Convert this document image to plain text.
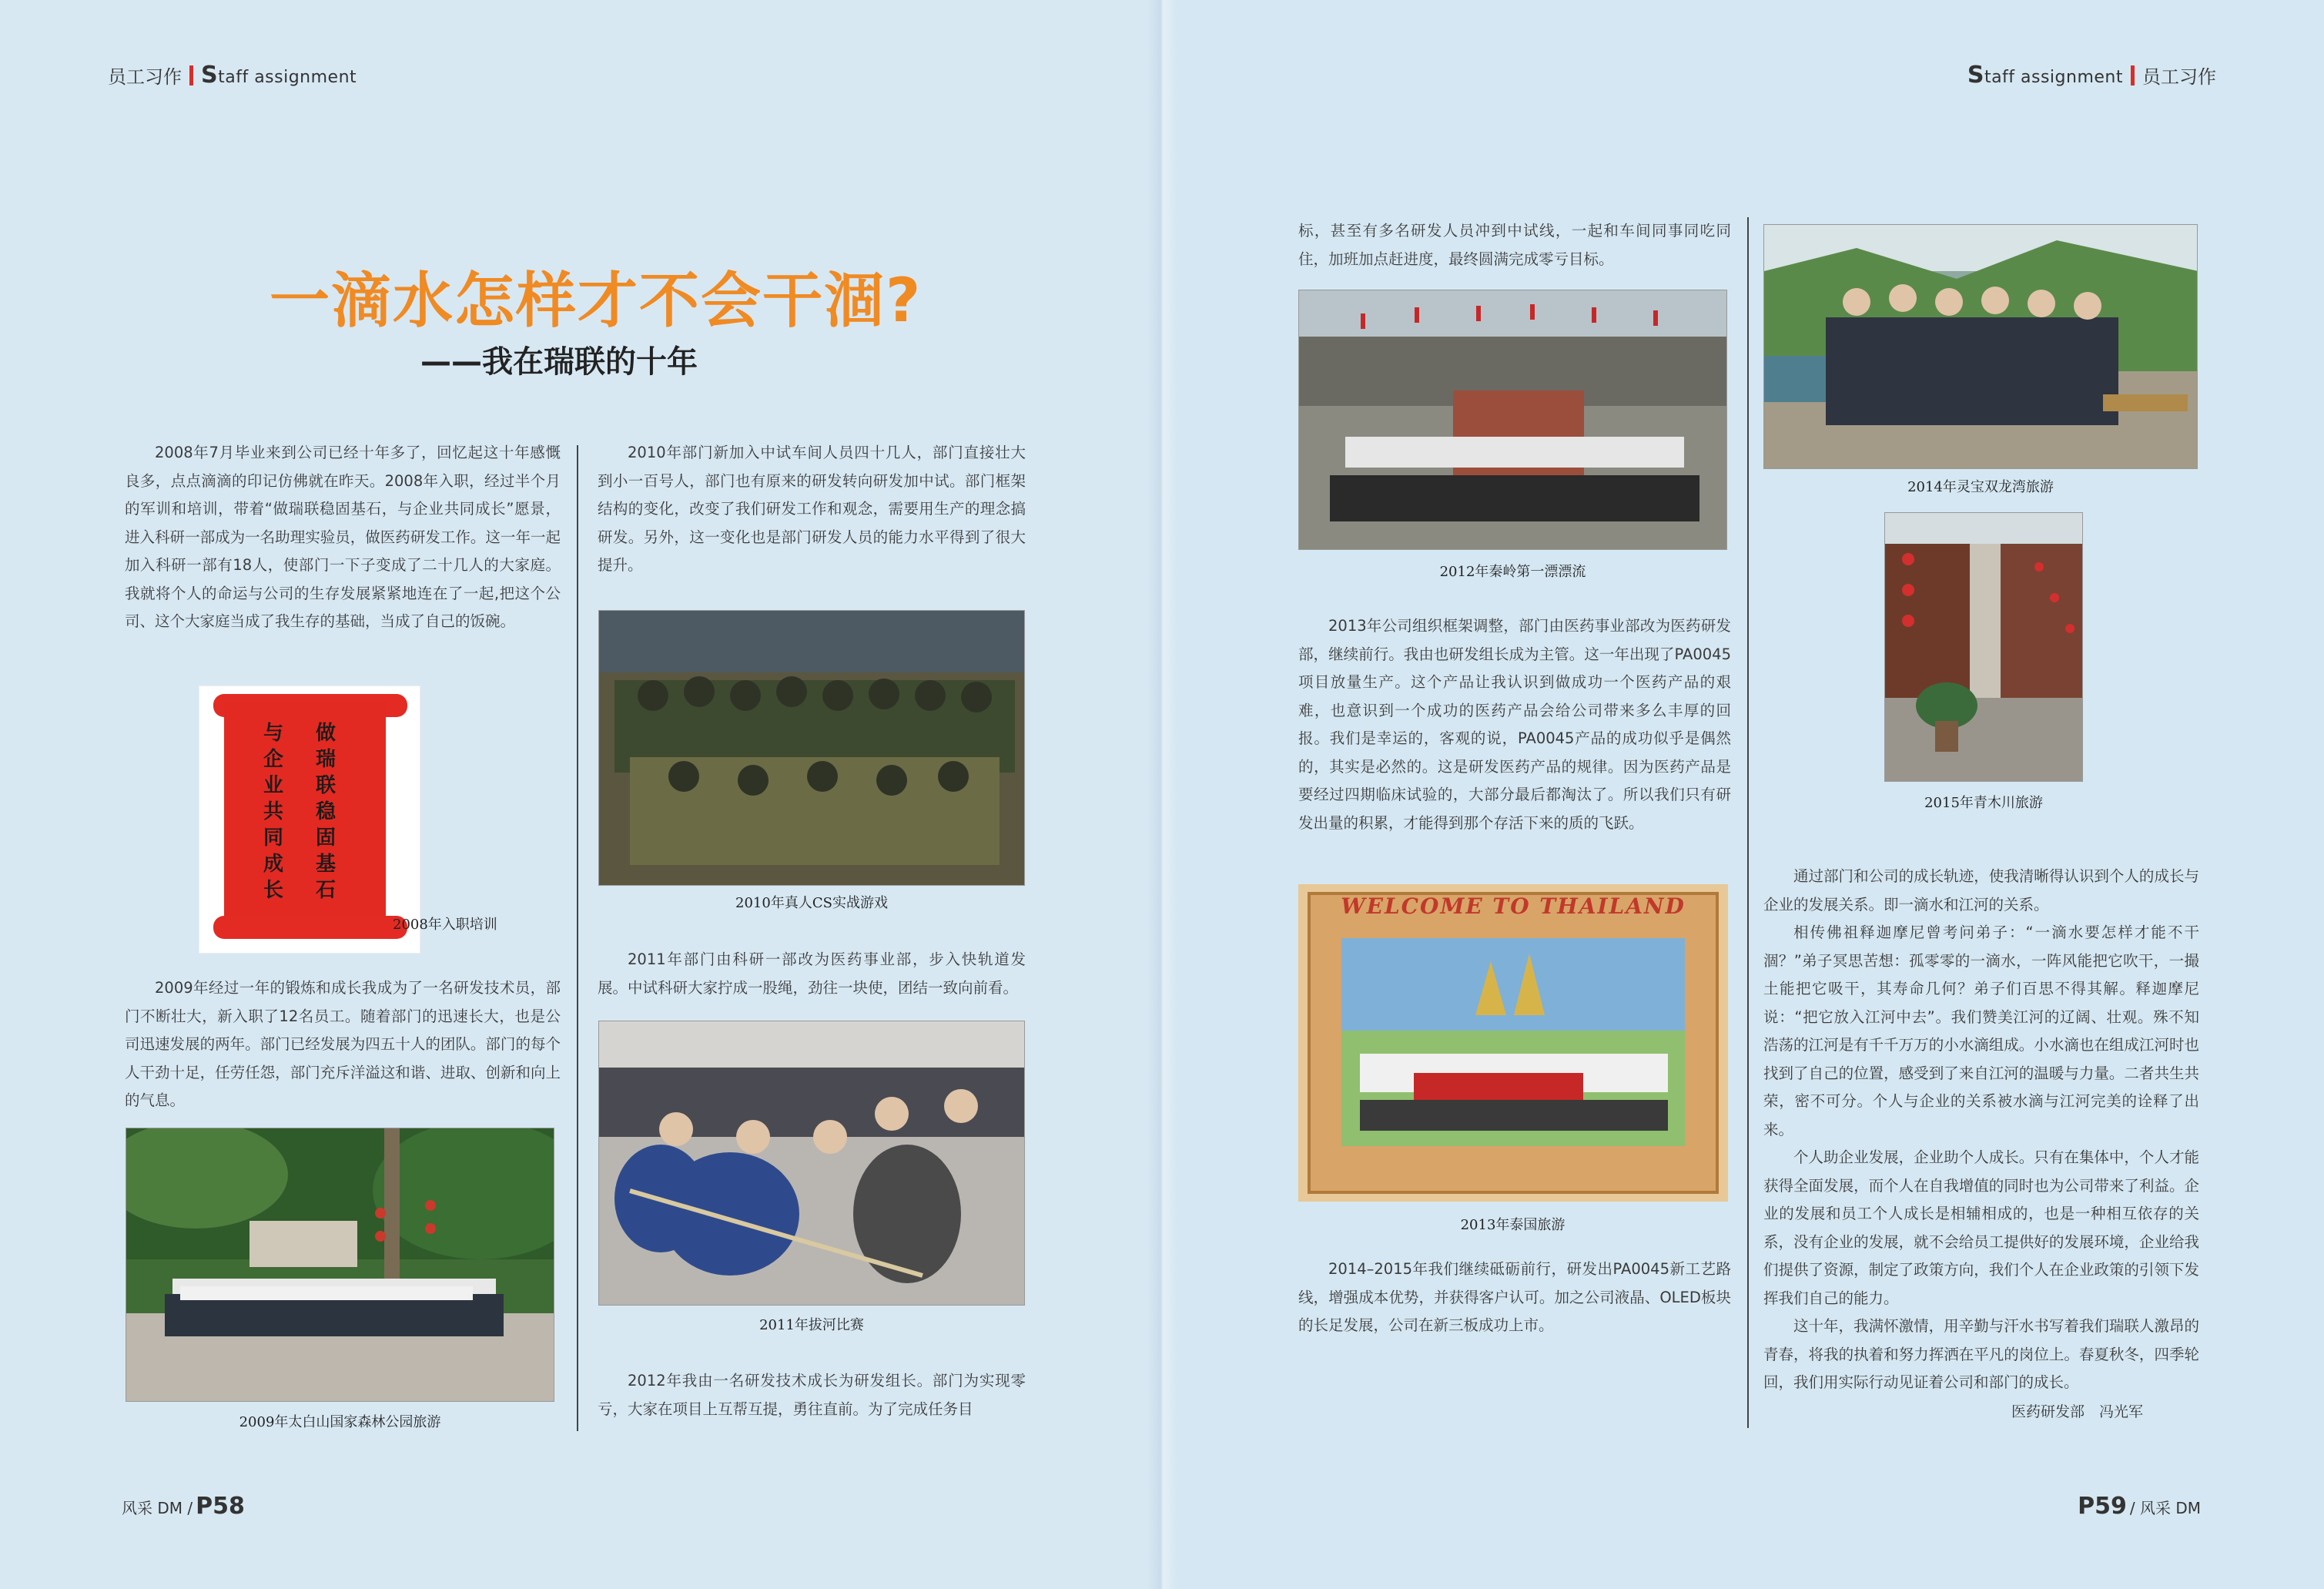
员工习作 Staff assignment	Staff assignment 员工习作
一滴水怎样才不会干涸?
——我在瑞联的十年

2008年7月毕业来到公司已经十年多了，回忆起这十年感慨良多，点点滴滴的印记仿佛就在昨天。2008年入职，经过半个月的军训和培训，带着“做瑞联稳固基石，与企业共同成长”愿景，进入科研一部成为一名助理实验员，做医药研发工作。这一年一起加入科研一部有18人，使部门一下子变成了二十几人的大家庭。我就将个人的命运与公司的生存发展紧紧地连在了一起,把这个公司、这个大家庭当成了我生存的基础，当成了自己的饭碗。

做瑞联稳固基石
与企业共同成长
2008年入职培训

2009年经过一年的锻炼和成长我成为了一名研发技术员，部门不断壮大，新入职了12名员工。随着部门的迅速长大，也是公司迅速发展的两年。部门已经发展为四五十人的团队。部门的每个人干劲十足，任劳任怨，部门充斥洋溢这和谐、进取、创新和向上的气息。

2009年太白山国家森林公园旅游

2010年部门新加入中试车间人员四十几人，部门直接壮大到小一百号人，部门也有原来的研发转向研发加中试。部门框架结构的变化，改变了我们研发工作和观念，需要用生产的理念搞研发。另外，这一变化也是部门研发人员的能力水平得到了很大提升。

2010年真人CS实战游戏

2011年部门由科研一部改为医药事业部，步入快轨道发展。中试科研大家拧成一股绳，劲往一块使，团结一致向前看。

2011年拔河比赛

2012年我由一名研发技术成长为研发组长。部门为实现零亏，大家在项目上互帮互提，勇往直前。为了完成任务目

风采 DM / P58

标，甚至有多名研发人员冲到中试线，一起和车间同事同吃同住，加班加点赶进度，最终圆满完成零亏目标。

2012年秦岭第一漂漂流

2013年公司组织框架调整，部门由医药事业部改为医药研发部，继续前行。我由也研发组长成为主管。这一年出现了PA0045项目放量生产。这个产品让我认识到做成功一个医药产品的艰难，也意识到一个成功的医药产品会给公司带来多么丰厚的回报。我们是幸运的，客观的说，PA0045产品的成功似乎是偶然的，其实是必然的。这是研发医药产品的规律。因为医药产品是要经过四期临床试验的，大部分最后都淘汰了。所以我们只有研发出量的积累，才能得到那个存活下来的质的飞跃。

WELCOME TO THAILAND
2013年泰国旅游

2014–2015年我们继续砥砺前行，研发出PA0045新工艺路线，增强成本优势，并获得客户认可。加之公司液晶、OLED板块的长足发展，公司在新三板成功上市。

2014年灵宝双龙湾旅游
2015年青木川旅游

通过部门和公司的成长轨迹，使我清晰得认识到个人的成长与企业的发展关系。即一滴水和江河的关系。

相传佛祖释迦摩尼曾考问弟子：“一滴水要怎样才能不干涸？”弟子冥思苦想：孤零零的一滴水，一阵风能把它吹干，一撮土能把它吸干，其寿命几何？弟子们百思不得其解。释迦摩尼说：“把它放入江河中去”。我们赞美江河的辽阔、壮观。殊不知浩荡的江河是有千千万万的小水滴组成。小水滴也在组成江河时也找到了自己的位置，感受到了来自江河的温暖与力量。二者共生共荣，密不可分。个人与企业的关系被水滴与江河完美的诠释了出来。

个人助企业发展，企业助个人成长。只有在集体中，个人才能获得全面发展，而个人在自我增值的同时也为公司带来了利益。企业的发展和员工个人成长是相辅相成的，也是一种相互依存的关系，没有企业的发展，就不会给员工提供好的发展环境，企业给我们提供了资源，制定了政策方向，我们个人在企业政策的引领下发挥我们自己的能力。

这十年，我满怀激情，用辛勤与汗水书写着我们瑞联人激昂的青春，将我的执着和努力挥洒在平凡的岗位上。春夏秋冬，四季轮回，我们用实际行动见证着公司和部门的成长。

医药研发部　冯光军
P59 / 风采 DM
